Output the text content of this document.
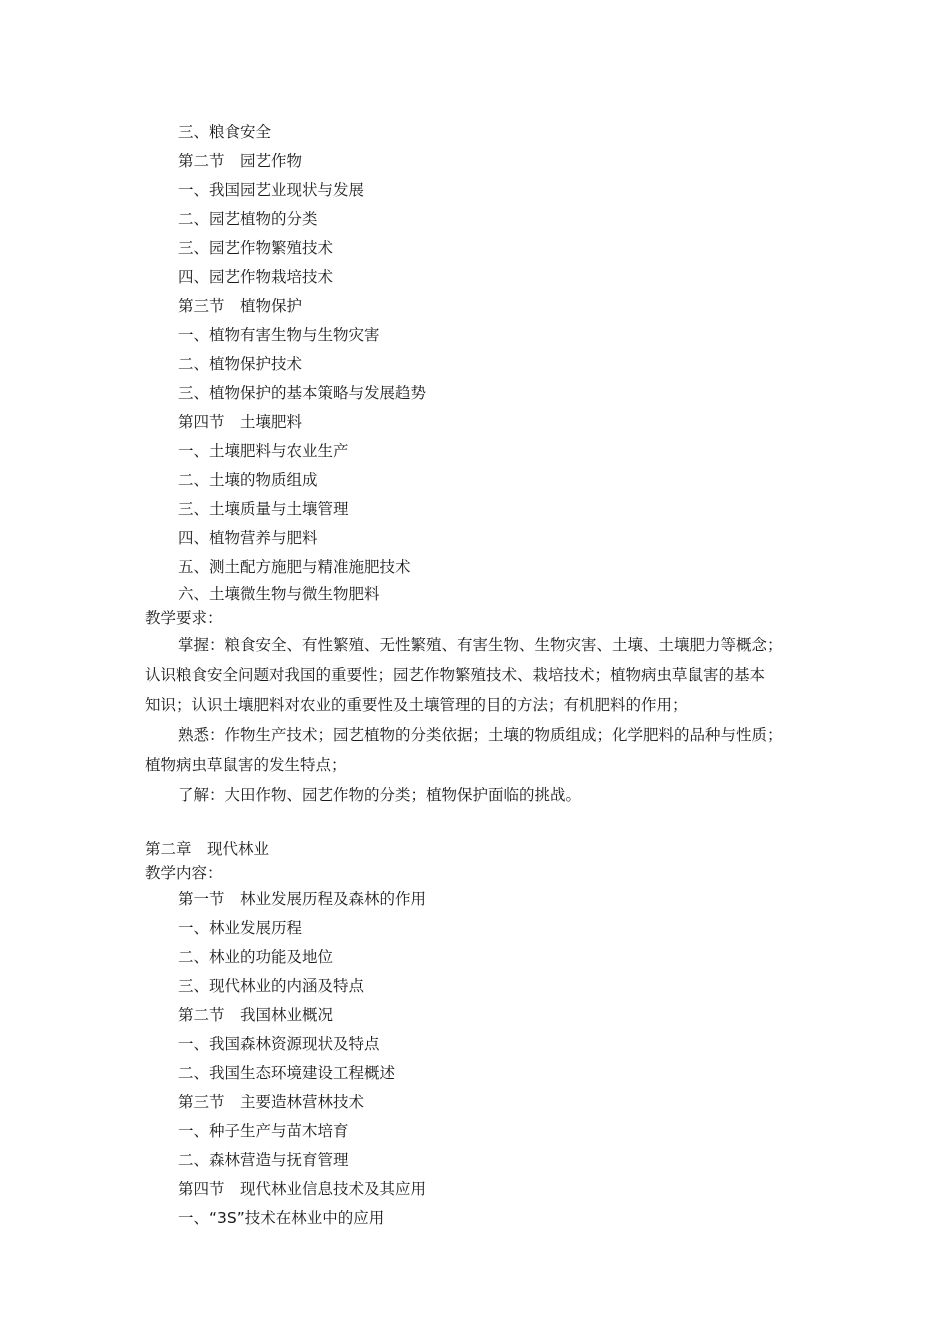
三、粮食安全
第二节　园艺作物
一、我国园艺业现状与发展
二、园艺植物的分类
三、园艺作物繁殖技术
四、园艺作物栽培技术
第三节　植物保护
一、植物有害生物与生物灾害
二、植物保护技术
三、植物保护的基本策略与发展趋势
第四节　土壤肥料
一、土壤肥料与农业生产
二、土壤的物质组成
三、土壤质量与土壤管理
四、植物营养与肥料
五、测土配方施肥与精准施肥技术
六、土壤微生物与微生物肥料
教学要求：
掌握：粮食安全、有性繁殖、无性繁殖、有害生物、生物灾害、土壤、土壤肥力等概念；
认识粮食安全问题对我国的重要性；园艺作物繁殖技术、栽培技术；植物病虫草鼠害的基本
知识；认识土壤肥料对农业的重要性及土壤管理的目的方法；有机肥料的作用；
熟悉：作物生产技术；园艺植物的分类依据；土壤的物质组成；化学肥料的品种与性质；
植物病虫草鼠害的发生特点；
了解：大田作物、园艺作物的分类；植物保护面临的挑战。
第二章　现代林业
教学内容：
第一节　林业发展历程及森林的作用
一、林业发展历程
二、林业的功能及地位
三、现代林业的内涵及特点
第二节　我国林业概况
一、我国森林资源现状及特点
二、我国生态环境建设工程概述
第三节　主要造林营林技术
一、种子生产与苗木培育
二、森林营造与抚育管理
第四节　现代林业信息技术及其应用
一、“3S”技术在林业中的应用
